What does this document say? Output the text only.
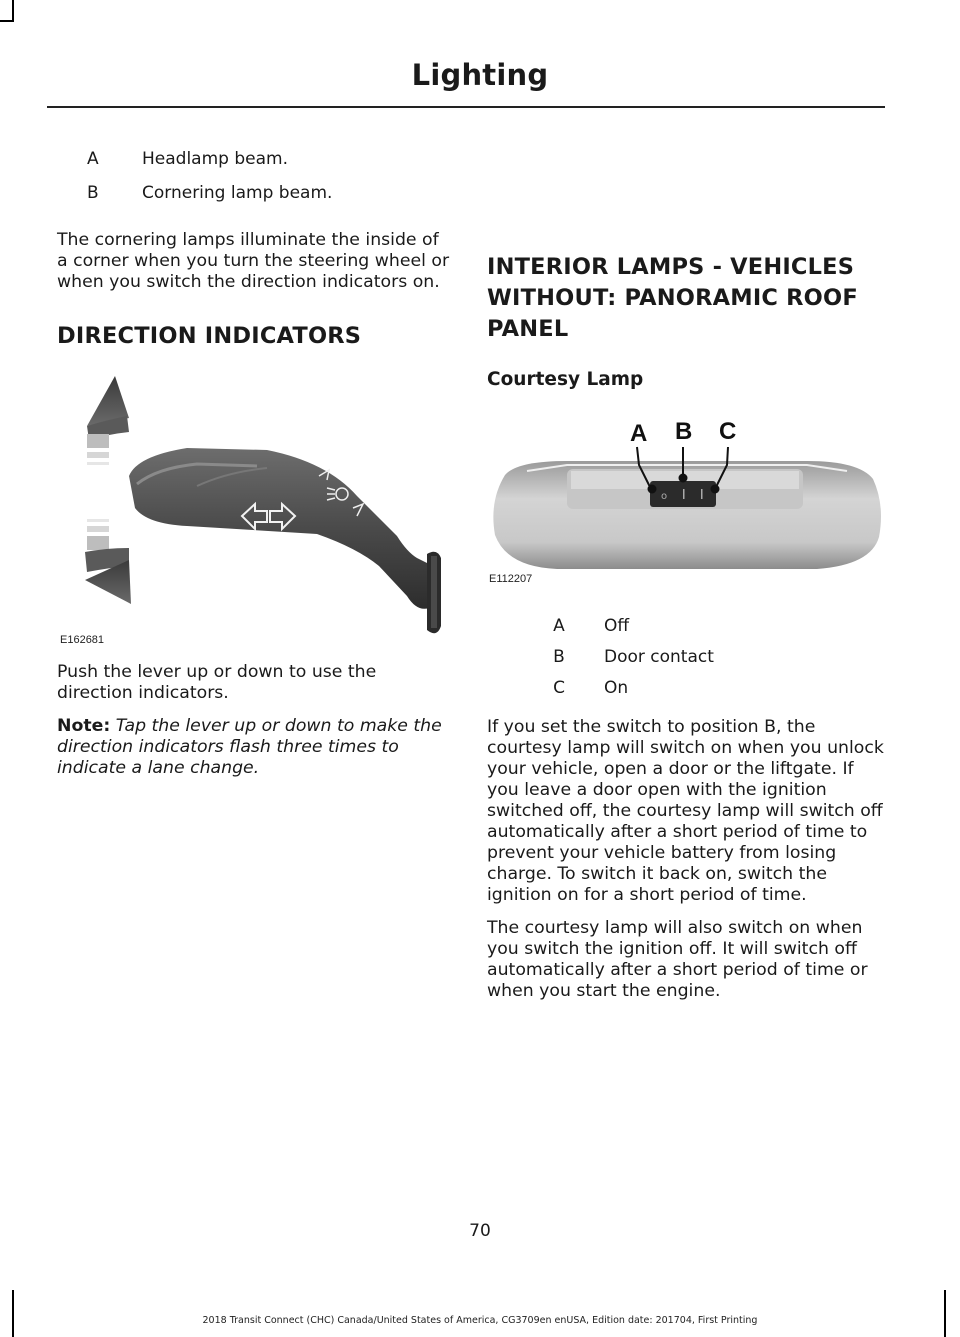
Lighting
A	Headlamp beam.
B	Cornering lamp beam.

The cornering lamps illuminate the inside of a corner when you turn the steering wheel or when you switch the direction indicators on.

DIRECTION INDICATORS
E162681

Push the lever up or down to use the direction indicators.

Note: Tap the lever up or down to make the direction indicators flash three times to indicate a lane change.

INTERIOR LAMPS - VEHICLES WITHOUT: PANORAMIC ROOF PANEL
Courtesy Lamp
A B C
o
E112207
A	Off
B	Door contact
C	On

If you set the switch to position B, the courtesy lamp will switch on when you unlock your vehicle, open a door or the liftgate. If you leave a door open with the ignition switched off, the courtesy lamp will switch off automatically after a short period of time to prevent your vehicle battery from losing charge. To switch it back on, switch the ignition on for a short period of time.

The courtesy lamp will also switch on when you switch the ignition off. It will switch off automatically after a short period of time or when you start the engine.

70
2018 Transit Connect (CHC) Canada/United States of America, CG3709en enUSA, Edition date: 201704, First Printing
